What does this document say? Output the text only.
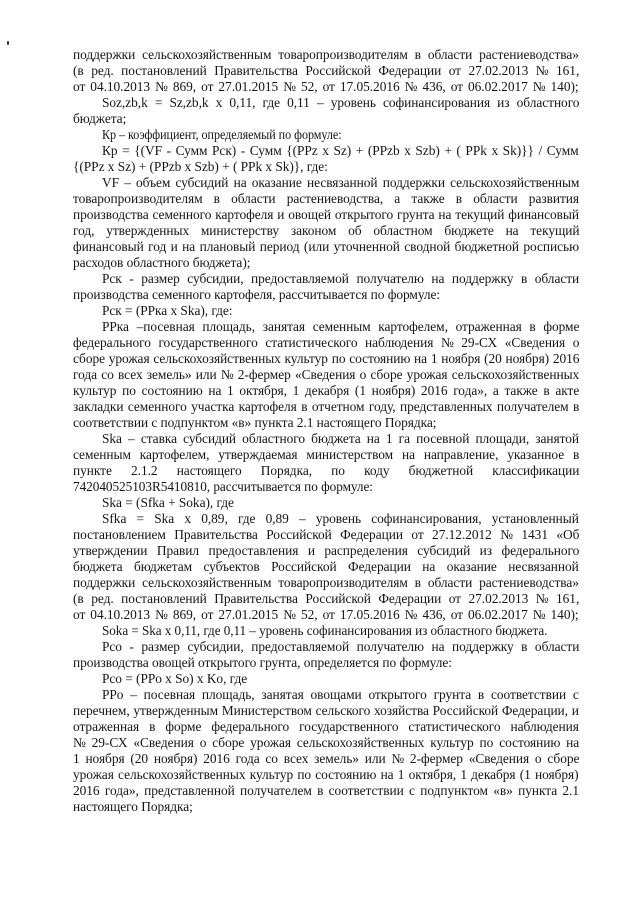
поддержки сельскохозяйственным товаропроизводителям в области растениеводства»
(в ред. постановлений Правительства Российской Федерации от 27.02.2013 № 161,
от 04.10.2013 № 869, от 27.01.2015 № 52, от 17.05.2016 № 436, от 06.02.2017 № 140);
Soz,zb,k = Sz,zb,k x 0,11, где 0,11 – уровень софинансирования из областного
бюджета;
Кр – коэффициент, определяемый по формуле:
Кр = {(VF - Сумм Рск) - Сумм {(PPz x Sz) + (PPzb x Szb) + ( PPk x Sk)}} / Сумм
{(PPz x Sz) + (PPzb x Szb) + ( PPk x Sk)}, где:
VF – объем субсидий на оказание несвязанной поддержки сельскохозяйственным
товаропроизводителям в области растениеводства, а также в области развития
производства семенного картофеля и овощей открытого грунта на текущий финансовый
год, утвержденных министерству законом об областном бюджете на текущий
финансовый год и на плановый период (или уточненной сводной бюджетной росписью
расходов областного бюджета);
Рск - размер субсидии, предоставляемой получателю на поддержку в области
производства семенного картофеля, рассчитывается по формуле:
Рск = (РРка x Ska), где:
РРка –посевная площадь, занятая семенным картофелем, отраженная в форме
федерального государственного статистического наблюдения № 29-СХ «Сведения о
сборе урожая сельскохозяйственных культур по состоянию на 1 ноября (20 ноября) 2016
года со всех земель» или № 2-фермер «Сведения о сборе урожая сельскохозяйственных
культур по состоянию на 1 октября, 1 декабря (1 ноября) 2016 года», а также в акте
закладки семенного участка картофеля в отчетном году, представленных получателем в
соответствии с подпунктом «в» пункта 2.1 настоящего Порядка;
Ska – ставка субсидий областного бюджета на 1 га посевной площади, занятой
семенным картофелем, утверждаемая министерством на направление, указанное в
пункте 2.1.2 настоящего Порядка, по коду бюджетной классификации
742040525103R5410810, рассчитывается по формуле:
Ska = (Sfka + Soka), где
Sfka = Ska x 0,89, где 0,89 – уровень софинансирования, установленный
постановлением Правительства Российской Федерации от 27.12.2012 № 1431 «Об
утверждении Правил предоставления и распределения субсидий из федерального
бюджета бюджетам субъектов Российской Федерации на оказание несвязанной
поддержки сельскохозяйственным товаропроизводителям в области растениеводства»
(в ред. постановлений Правительства Российской Федерации от 27.02.2013 № 161,
от 04.10.2013 № 869, от 27.01.2015 № 52, от 17.05.2016 № 436, от 06.02.2017 № 140);
Soka = Ska x 0,11, где 0,11 – уровень софинансирования из областного бюджета.
Рсо - размер субсидии, предоставляемой получателю на поддержку в области
производства овощей открытого грунта, определяется по формуле:
Рсо = (PPo x So) x Ko, где
PPo – посевная площадь, занятая овощами открытого грунта в соответствии с
перечнем, утвержденным Министерством сельского хозяйства Российской Федерации, и
отраженная в форме федерального государственного статистического наблюдения
№ 29-СХ «Сведения о сборе урожая сельскохозяйственных культур по состоянию на
1 ноября (20 ноября) 2016 года со всех земель» или № 2-фермер «Сведения о сборе
урожая сельскохозяйственных культур по состоянию на 1 октября, 1 декабря (1 ноября)
2016 года», представленной получателем в соответствии с подпунктом «в» пункта 2.1
настоящего Порядка;
